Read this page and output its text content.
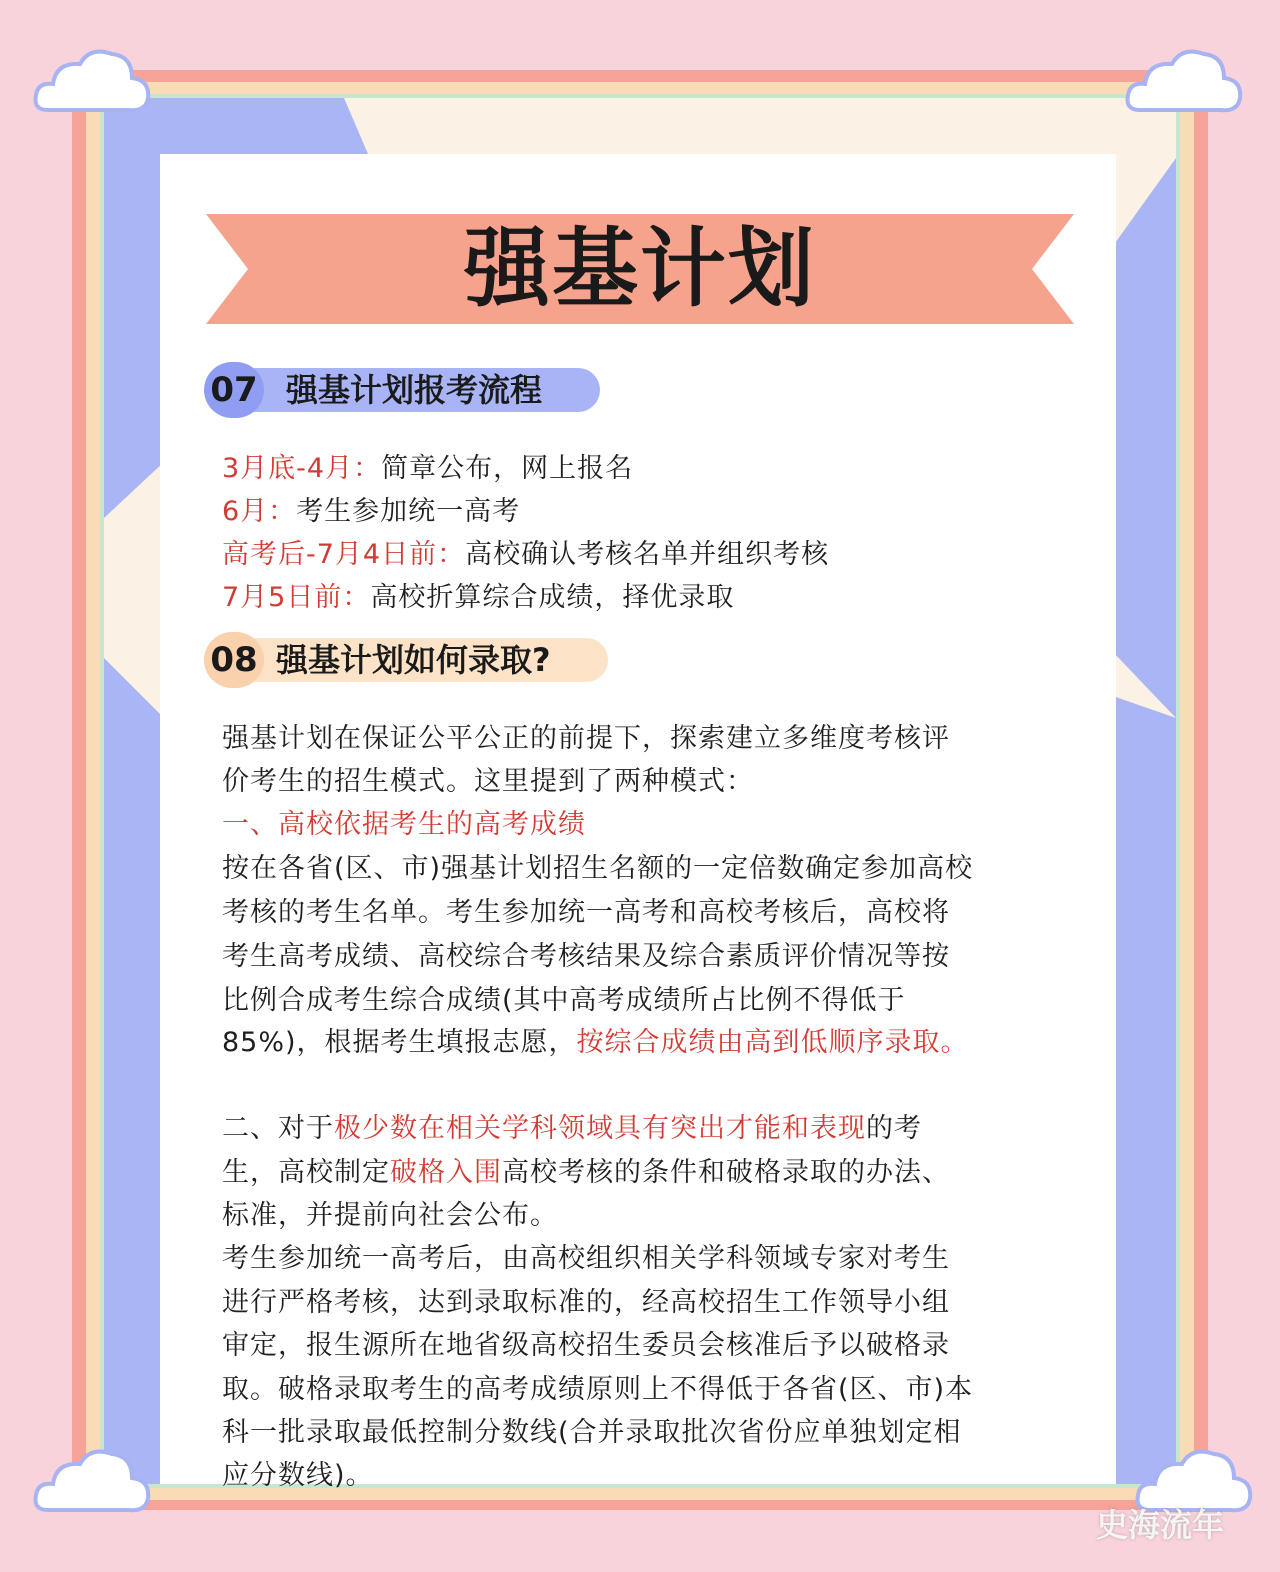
强基计划
07 强基计划报考流程
3月底-4月：简章公布，网上报名
6月：考生参加统一高考
高考后-7月4日前：高校确认考核名单并组织考核
7月5日前：高校折算综合成绩，择优录取
08 强基计划如何录取?
强基计划在保证公平公正的前提下，探索建立多维度考核评
价考生的招生模式。这里提到了两种模式：
一、高校依据考生的高考成绩
按在各省(区、市)强基计划招生名额的一定倍数确定参加高校
考核的考生名单。考生参加统一高考和高校考核后，高校将
考生高考成绩、高校综合考核结果及综合素质评价情况等按
比例合成考生综合成绩(其中高考成绩所占比例不得低于
85%)，根据考生填报志愿，按综合成绩由高到低顺序录取。
二、对于极少数在相关学科领域具有突出才能和表现的考
生，高校制定破格入围高校考核的条件和破格录取的办法、
标准，并提前向社会公布。
考生参加统一高考后，由高校组织相关学科领域专家对考生
进行严格考核，达到录取标准的，经高校招生工作领导小组
审定，报生源所在地省级高校招生委员会核准后予以破格录
取。破格录取考生的高考成绩原则上不得低于各省(区、市)本
科一批录取最低控制分数线(合并录取批次省份应单独划定相
应分数线)。
史海流年
